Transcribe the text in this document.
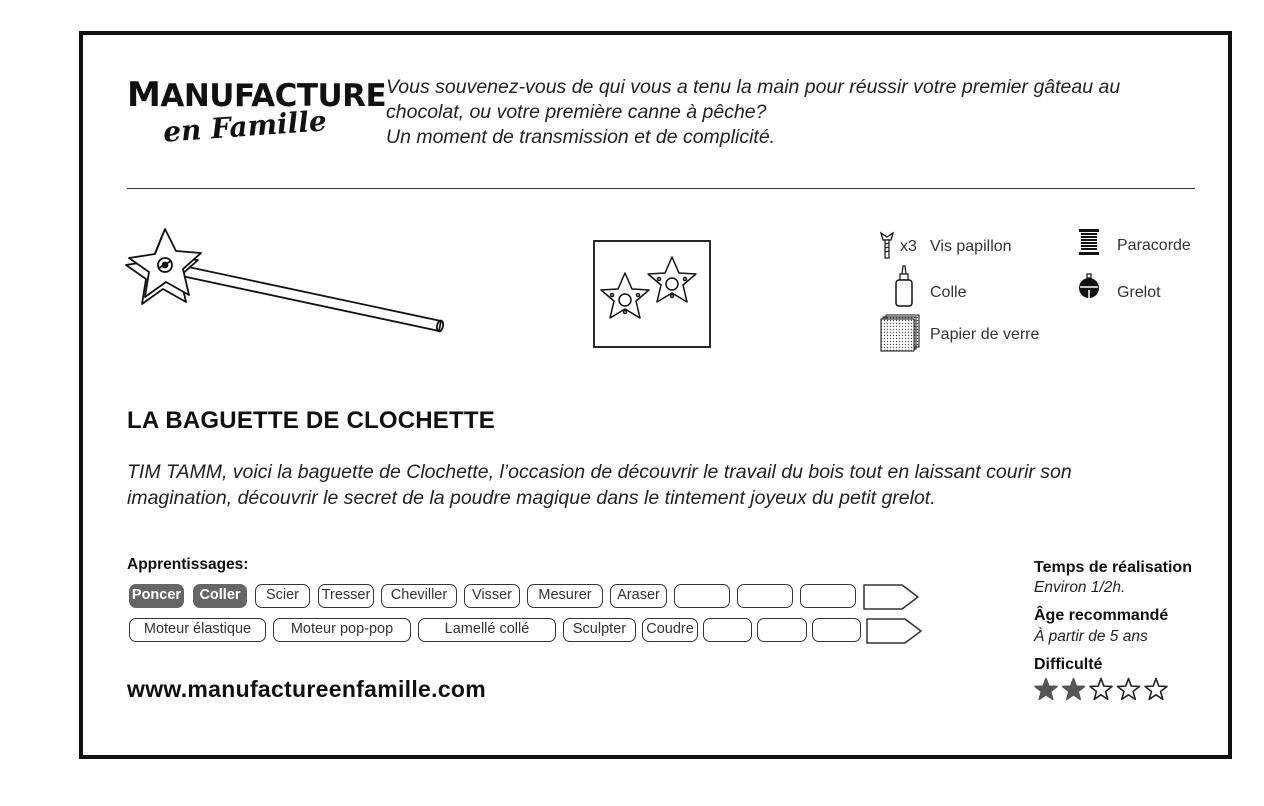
MANUFACTURE
en Famille
Vous souvenez-vous de qui vous a tenu la main pour réussir votre premier gâteau au
chocolat, ou votre première canne à pêche?
Un moment de transmission et de complicité.
x3 Vis papillon	Paracorde
Colle	Grelot
Papier de verre
LA BAGUETTE DE CLOCHETTE
TIM TAMM, voici la baguette de Clochette, l’occasion de découvrir le travail du bois tout en laissant courir son
imagination, découvrir le secret de la poudre magique dans le tintement joyeux du petit grelot.
Apprentissages:
Poncer	Coller	Scier	Tresser	Cheviller	Visser	Mesurer	Araser
Moteur élastique	Moteur pop-pop	Lamellé collé	Sculpter	Coudre
www.manufactureenfamille.com
Temps de réalisation
Environ 1/2h.
Âge recommandé
À partir de 5 ans
Difficulté
